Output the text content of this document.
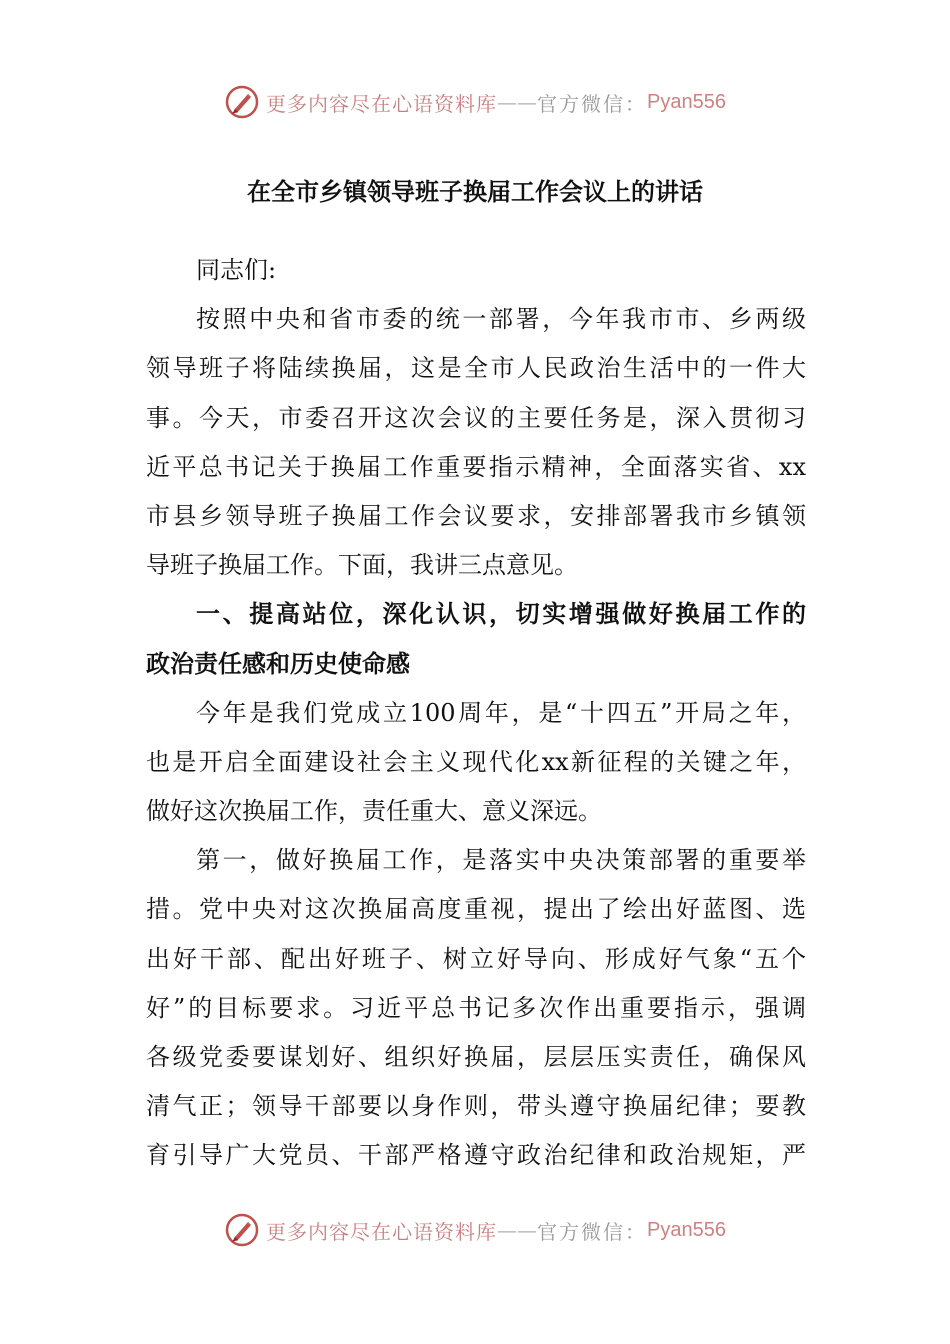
更多内容尽在心语资料库 —— 官方微信： Pyan556
在全市乡镇领导班子换届工作会议上的讲话
同志们:
按照中央和省市委的统一部署，今年我市市、乡两级
领导班子将陆续换届，这是全市人民政治生活中的一件大
事。今天，市委召开这次会议的主要任务是，深入贯彻习
近平总书记关于换届工作重要指示精神，全面落实省、xx
市县乡领导班子换届工作会议要求，安排部署我市乡镇领
导班子换届工作。下面，我讲三点意见。
一、提高站位，深化认识，切实增强做好换届工作的
政治责任感和历史使命感
今年是我们党成立100周年，是“十四五”开局之年，
也是开启全面建设社会主义现代化xx新征程的关键之年，
做好这次换届工作，责任重大、意义深远。
第一，做好换届工作，是落实中央决策部署的重要举
措。党中央对这次换届高度重视，提出了绘出好蓝图、选
出好干部、配出好班子、树立好导向、形成好气象“五个
好”的目标要求。习近平总书记多次作出重要指示，强调
各级党委要谋划好、组织好换届，层层压实责任，确保风
清气正；领导干部要以身作则，带头遵守换届纪律；要教
育引导广大党员、干部严格遵守政治纪律和政治规矩，严
更多内容尽在心语资料库 —— 官方微信： Pyan556
